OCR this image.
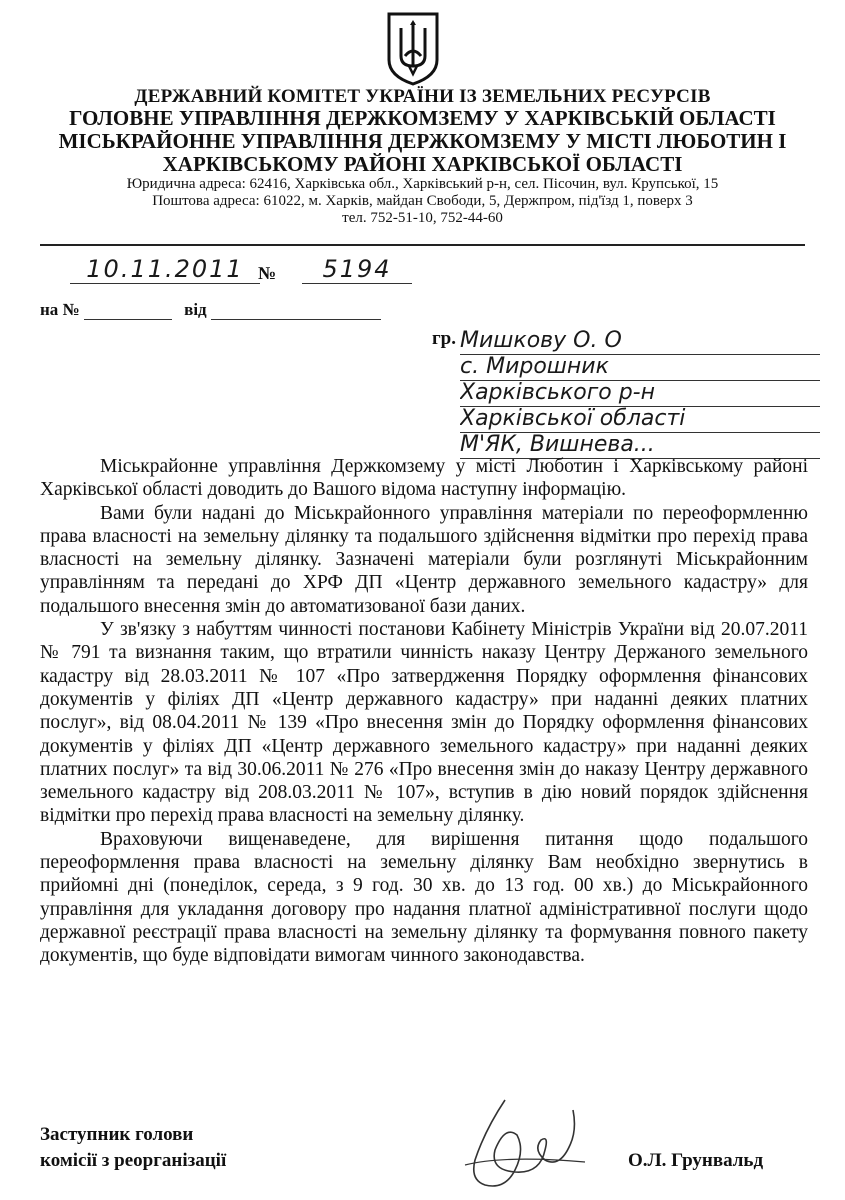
ДЕРЖАВНИЙ КОМІТЕТ УКРАЇНИ ІЗ ЗЕМЕЛЬНИХ РЕСУРСІВ
ГОЛОВНЕ УПРАВЛІННЯ ДЕРЖКОМЗЕМУ У ХАРКІВСЬКІЙ ОБЛАСТІ
МІСЬКРАЙОННЕ УПРАВЛІННЯ ДЕРЖКОМЗЕМУ У МІСТІ ЛЮБОТИН І
ХАРКІВСЬКОМУ РАЙОНІ ХАРКІВСЬКОЇ ОБЛАСТІ
Юридична адреса: 62416, Харківська обл., Харківський р-н, сел. Пісочин, вул. Крупської, 15
Поштова адреса: 61022, м. Харків, майдан Свободи, 5, Держпром, під'їзд 1, поверх 3
тел. 752-51-10, 752-44-60
10.11.2011 №	5194
на №	від
гр. Мишкову О. О
с. Мирошник
Харківського р-н
Харківської області
М'ЯК, Вишнева...

Міськрайонне управління Держкомзему у місті Люботин і Харківському районі Харківської області доводить до Вашого відома наступну інформацію.

Вами були надані до Міськрайонного управління матеріали по переоформленню права власності на земельну ділянку та подальшого здійснення відмітки про перехід права власності на земельну ділянку. Зазначені матеріали були розглянуті Міськрайонним управлінням та передані до ХРФ ДП «Центр державного земельного кадастру» для подальшого внесення змін до автоматизованої бази даних.

У зв'язку з набуттям чинності постанови Кабінету Міністрів України від 20.07.2011 № 791 та визнання таким, що втратили чинність наказу Центру Держаного земельного кадастру від 28.03.2011 № 107 «Про затвердження Порядку оформлення фінансових документів у філіях ДП «Центр державного кадастру» при наданні деяких платних послуг», від 08.04.2011 № 139 «Про внесення змін до Порядку оформлення фінансових документів у філіях ДП «Центр державного земельного кадастру» при наданні деяких платних послуг» та від 30.06.2011 № 276 «Про внесення змін до наказу Центру державного земельного кадастру від 208.03.2011 № 107», вступив в дію новий порядок здійснення відмітки про перехід права власності на земельну ділянку.

Враховуючи вищенаведене, для вирішення питання щодо подальшого переоформлення права власності на земельну ділянку Вам необхідно звернутись в прийомні дні (понеділок, середа, з 9 год. 30 хв. до 13 год. 00 хв.) до Міськрайонного управління для укладання договору про надання платної адміністративної послуги щодо державної реєстрації права власності на земельну ділянку та формування повного пакету документів, що буде відповідати вимогам чинного законодавства.

Заступник голови
комісії з реорганізації	О.Л. Грунвальд
